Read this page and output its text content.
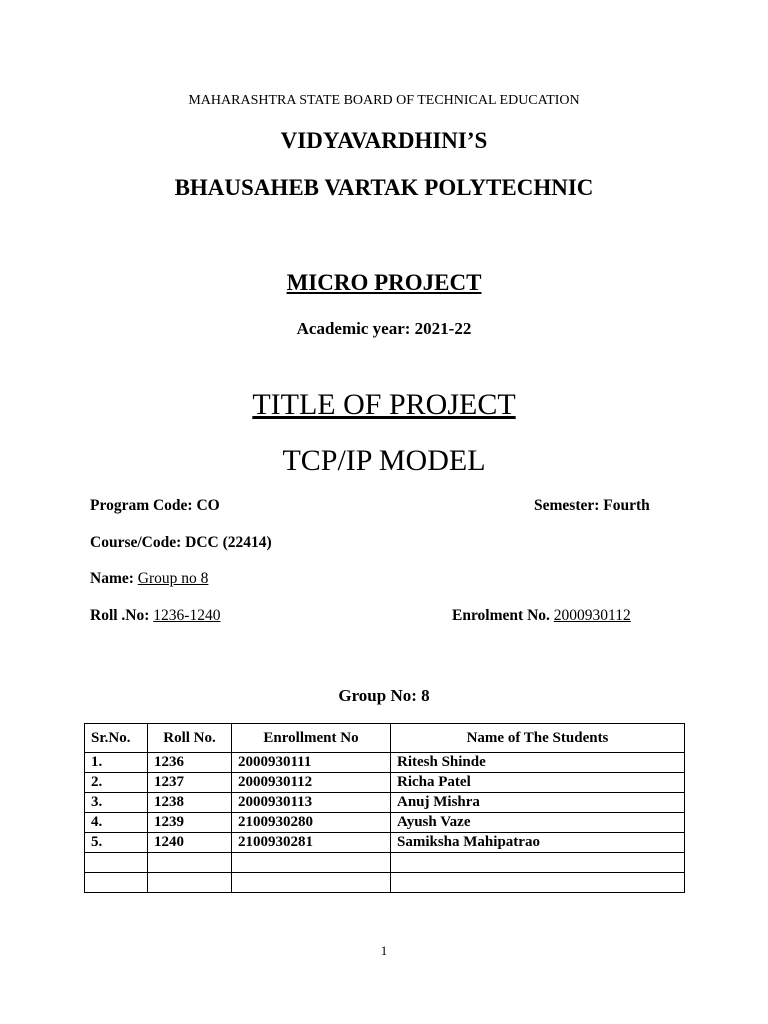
MAHARASHTRA STATE BOARD OF TECHNICAL EDUCATION
VIDYAVARDHINI’S
BHAUSAHEB VARTAK POLYTECHNIC
MICRO PROJECT
Academic year: 2021-22
TITLE OF PROJECT
TCP/IP MODEL
Program Code: CO	Semester: Fourth
Course/Code: DCC (22414)
Name: Group no 8
Roll .No: 1236-1240	Enrolment No. 2000930112
Group No: 8
Sr.No.	Roll No.	Enrollment No	Name of The Students
1.	1236	2000930111	Ritesh Shinde
2.	1237	2000930112	Richa Patel
3.	1238	2000930113	Anuj Mishra
4.	1239	2100930280	Ayush Vaze
5.	1240	2100930281	Samiksha Mahipatrao

1
